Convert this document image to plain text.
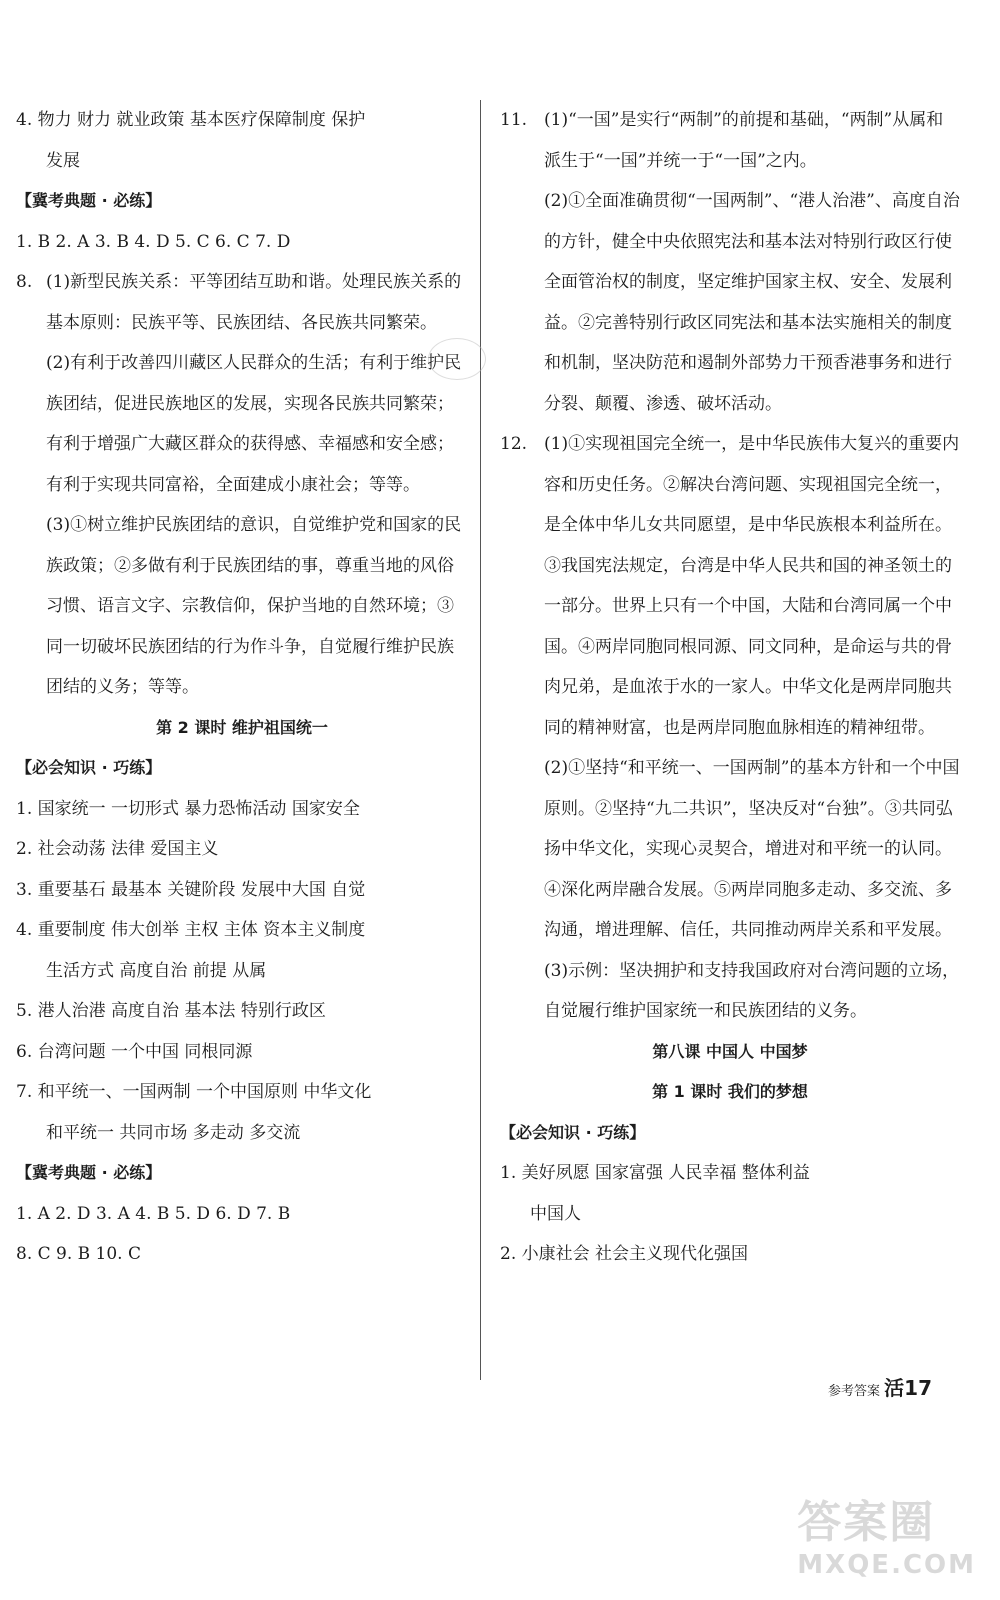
4. 物力 财力 就业政策 基本医疗保障制度 保护

发展

【冀考典题 · 必练】

1. B 2. A 3. B 4. D 5. C 6. C 7. D

8. (1)新型民族关系：平等团结互助和谐。处理民族关系的基本原则：民族平等、民族团结、各民族共同繁荣。

(2)有利于改善四川藏区人民群众的生活；有利于维护民族团结，促进民族地区的发展，实现各民族共同繁荣；有利于增强广大藏区群众的获得感、幸福感和安全感；有利于实现共同富裕，全面建成小康社会；等等。

(3)①树立维护民族团结的意识，自觉维护党和国家的民族政策；②多做有利于民族团结的事，尊重当地的风俗习惯、语言文字、宗教信仰，保护当地的自然环境；③同一切破坏民族团结的行为作斗争，自觉履行维护民族团结的义务；等等。

第 2 课时 维护祖国统一

【必会知识 · 巧练】

1. 国家统一 一切形式 暴力恐怖活动 国家安全

2. 社会动荡 法律 爱国主义

3. 重要基石 最基本 关键阶段 发展中大国 自觉

4. 重要制度 伟大创举 主权 主体 资本主义制度

生活方式 高度自治 前提 从属

5. 港人治港 高度自治 基本法 特别行政区

6. 台湾问题 一个中国 同根同源

7. 和平统一、一国两制 一个中国原则 中华文化

和平统一 共同市场 多走动 多交流

【冀考典题 · 必练】

1. A 2. D 3. A 4. B 5. D 6. D 7. B

8. C 9. B 10. C

11. (1)“一国”是实行“两制”的前提和基础，“两制”从属和派生于“一国”并统一于“一国”之内。

(2)①全面准确贯彻“一国两制”、“港人治港”、高度自治的方针，健全中央依照宪法和基本法对特别行政区行使全面管治权的制度，坚定维护国家主权、安全、发展利益。②完善特别行政区同宪法和基本法实施相关的制度和机制，坚决防范和遏制外部势力干预香港事务和进行分裂、颠覆、渗透、破坏活动。

12. (1)①实现祖国完全统一，是中华民族伟大复兴的重要内容和历史任务。②解决台湾问题、实现祖国完全统一，是全体中华儿女共同愿望，是中华民族根本利益所在。③我国宪法规定，台湾是中华人民共和国的神圣领土的一部分。世界上只有一个中国，大陆和台湾同属一个中国。④两岸同胞同根同源、同文同种，是命运与共的骨肉兄弟，是血浓于水的一家人。中华文化是两岸同胞共同的精神财富，也是两岸同胞血脉相连的精神纽带。

(2)①坚持“和平统一、一国两制”的基本方针和一个中国原则。②坚持“九二共识”，坚决反对“台独”。③共同弘扬中华文化，实现心灵契合，增进对和平统一的认同。④深化两岸融合发展。⑤两岸同胞多走动、多交流、多沟通，增进理解、信任，共同推动两岸关系和平发展。

(3)示例：坚决拥护和支持我国政府对台湾问题的立场，自觉履行维护国家统一和民族团结的义务。

第八课 中国人 中国梦

第 1 课时 我们的梦想

【必会知识 · 巧练】

1. 美好夙愿 国家富强 人民幸福 整体利益

中国人

2. 小康社会 社会主义现代化强国

参考答案 活17
答案圈
MXQE.COM
